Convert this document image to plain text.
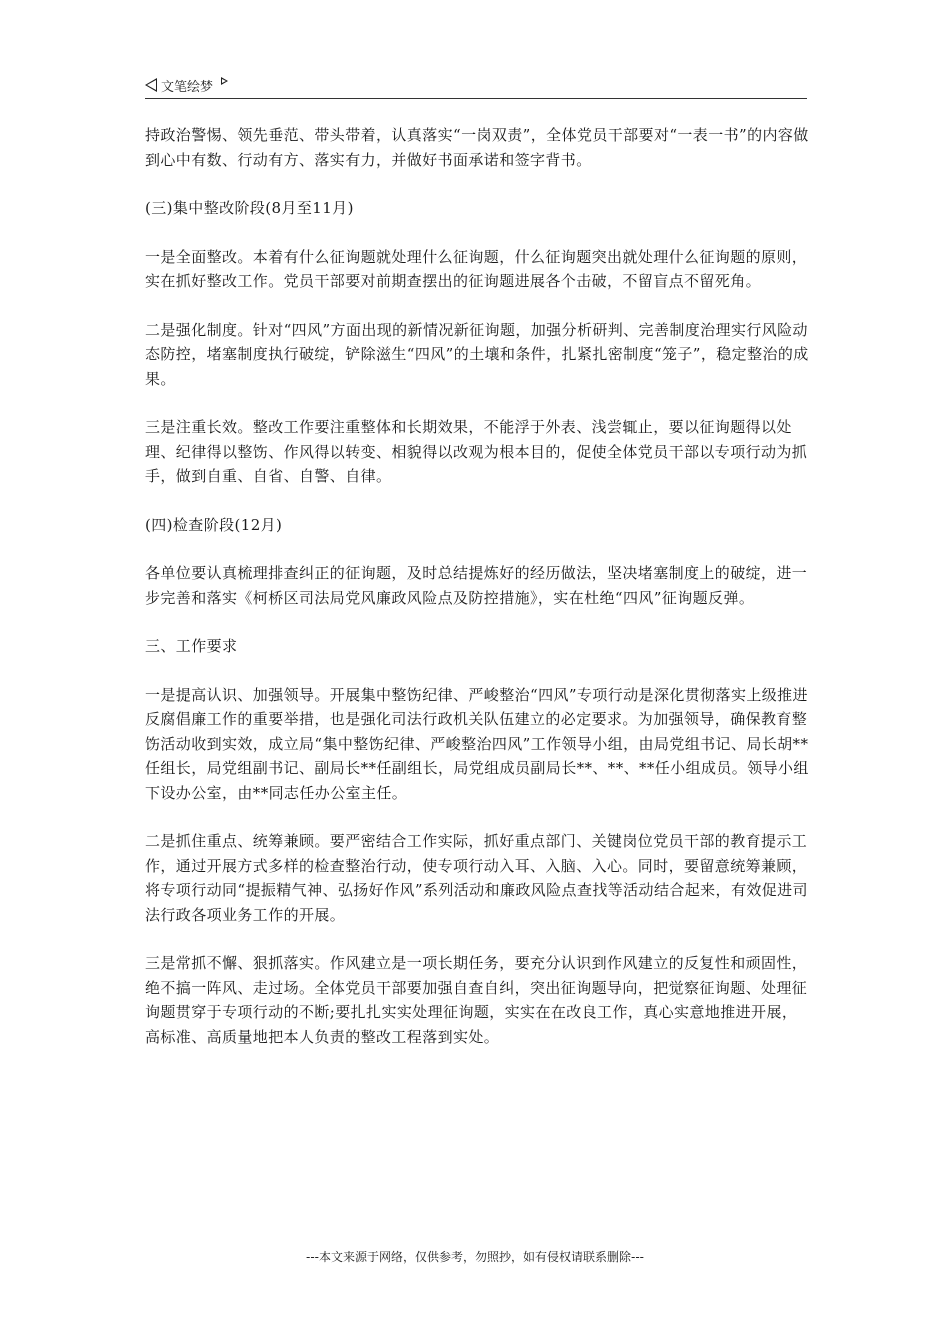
文笔绘梦

持政治警惕、领先垂范、带头带着，认真落实“一岗双责”，全体党员干部要对“一表一书”的内容做到心中有数、行动有方、落实有力，并做好书面承诺和签字背书。

(三)集中整改阶段(8月至11月)

一是全面整改。本着有什么征询题就处理什么征询题，什么征询题突出就处理什么征询题的原则，实在抓好整改工作。党员干部要对前期查摆出的征询题进展各个击破，不留盲点不留死角。

二是强化制度。针对“四风”方面出现的新情况新征询题，加强分析研判、完善制度治理实行风险动态防控，堵塞制度执行破绽，铲除滋生“四风”的土壤和条件，扎紧扎密制度“笼子”，稳定整治的成果。

三是注重长效。整改工作要注重整体和长期效果，不能浮于外表、浅尝辄止，要以征询题得以处理、纪律得以整饬、作风得以转变、相貌得以改观为根本目的，促使全体党员干部以专项行动为抓手，做到自重、自省、自警、自律。

(四)检查阶段(12月)

各单位要认真梳理排查纠正的征询题，及时总结提炼好的经历做法，坚决堵塞制度上的破绽，进一步完善和落实《柯桥区司法局党风廉政风险点及防控措施》，实在杜绝“四风”征询题反弹。

三、工作要求

一是提高认识、加强领导。开展集中整饬纪律、严峻整治“四风”专项行动是深化贯彻落实上级推进反腐倡廉工作的重要举措，也是强化司法行政机关队伍建立的必定要求。为加强领导，确保教育整饬活动收到实效，成立局“集中整饬纪律、严峻整治四风”工作领导小组，由局党组书记、局长胡**任组长，局党组副书记、副局长**任副组长，局党组成员副局长**、**、**任小组成员。领导小组下设办公室，由**同志任办公室主任。

二是抓住重点、统筹兼顾。要严密结合工作实际，抓好重点部门、关键岗位党员干部的教育提示工作，通过开展方式多样的检查整治行动，使专项行动入耳、入脑、入心。同时，要留意统筹兼顾，将专项行动同“提振精气神、弘扬好作风”系列活动和廉政风险点查找等活动结合起来，有效促进司法行政各项业务工作的开展。

三是常抓不懈、狠抓落实。作风建立是一项长期任务，要充分认识到作风建立的反复性和顽固性，绝不搞一阵风、走过场。全体党员干部要加强自查自纠，突出征询题导向，把觉察征询题、处理征询题贯穿于专项行动的不断;要扎扎实实处理征询题，实实在在改良工作，真心实意地推进开展，高标准、高质量地把本人负责的整改工程落到实处。

---本文来源于网络，仅供参考，勿照抄，如有侵权请联系删除---
